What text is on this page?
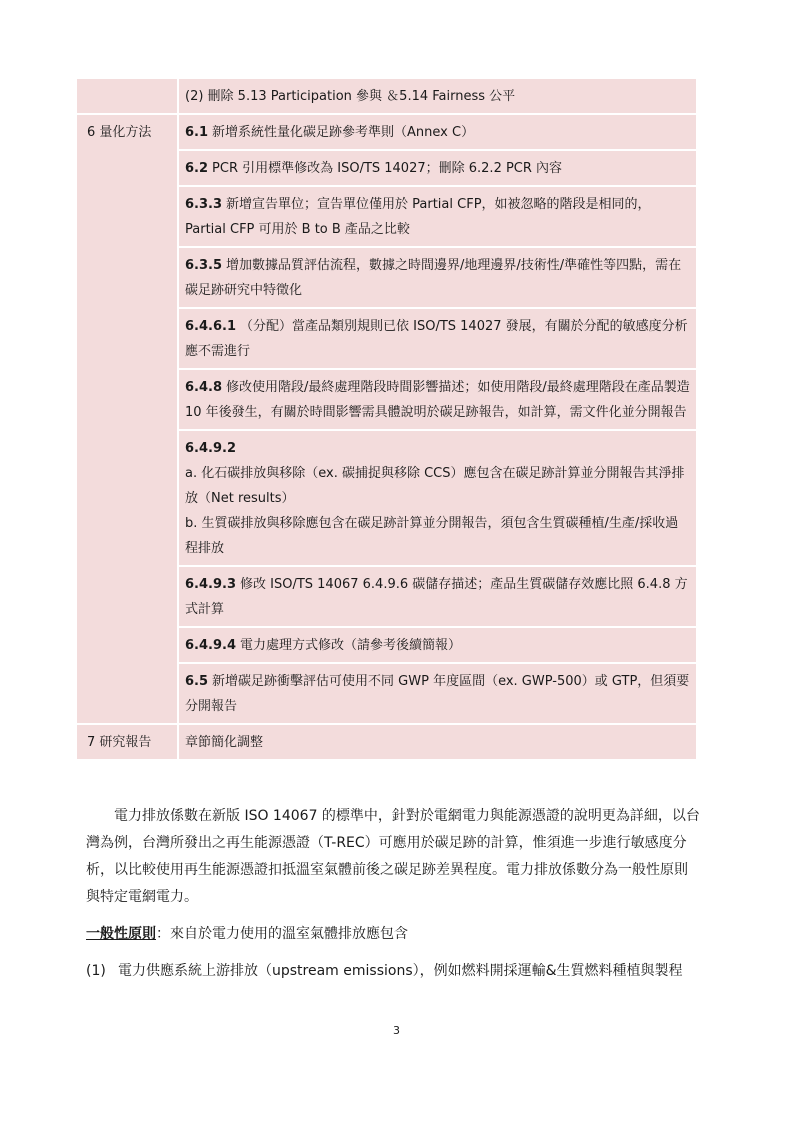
	(2) 刪除 5.13 Participation 參與 ＆5.14 Fairness 公平
6 量化方法	6.1 新增系統性量化碳足跡參考準則（Annex C）
	6.2 PCR 引用標準修改為 ISO/TS 14027；刪除 6.2.2 PCR 內容
	6.3.3 新增宣告單位；宣告單位僅用於 Partial CFP，如被忽略的階段是相同的，Partial CFP 可用於 B to B 產品之比較
	6.3.5 增加數據品質評估流程，數據之時間邊界/地理邊界/技術性/準確性等四點，需在碳足跡研究中特徵化
	6.4.6.1 （分配）當產品類別規則已依 ISO/TS 14027 發展，有關於分配的敏感度分析應不需進行
	6.4.8 修改使用階段/最終處理階段時間影響描述；如使用階段/最終處理階段在產品製造 10 年後發生，有關於時間影響需具體說明於碳足跡報告，如計算，需文件化並分開報告
	6.4.9.2
a. 化石碳排放與移除（ex. 碳捕捉與移除 CCS）應包含在碳足跡計算並分開報告其淨排放（Net results）
b. 生質碳排放與移除應包含在碳足跡計算並分開報告，須包含生質碳種植/生產/採收過程排放

	6.4.9.3 修改 ISO/TS 14067 6.4.9.6 碳儲存描述；產品生質碳儲存效應比照 6.4.8 方式計算
	6.4.9.4 電力處理方式修改（請參考後續簡報）
	6.5 新增碳足跡衝擊評估可使用不同 GWP 年度區間（ex. GWP-500）或 GTP，但須要分開報告
7 研究報告	章節簡化調整
電力排放係數在新版 ISO 14067 的標準中，針對於電網電力與能源憑證的說明更為詳細，以台灣為例，台灣所發出之再生能源憑證（T-REC）可應用於碳足跡的計算，惟須進一步進行敏感度分析，以比較使用再生能源憑證扣抵溫室氣體前後之碳足跡差異程度。電力排放係數分為一般性原則與特定電網電力。
一般性原則：來自於電力使用的溫室氣體排放應包含
(1) 電力供應系統上游排放（upstream emissions），例如燃料開採運輸&生質燃料種植與製程
3
